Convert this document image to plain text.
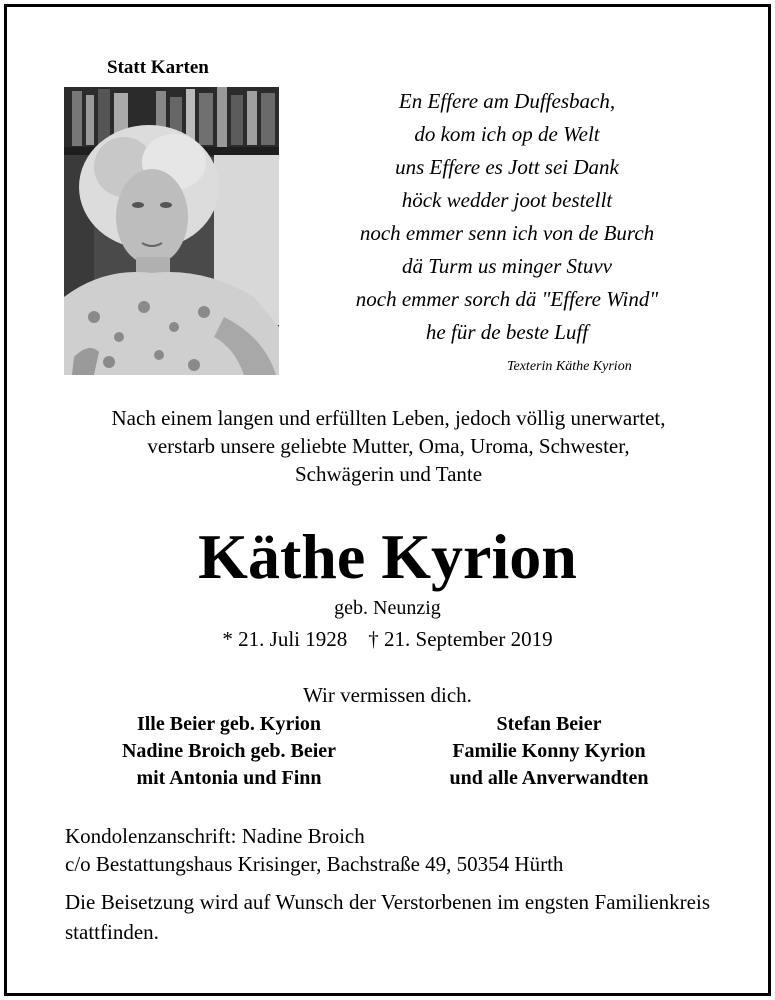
Statt Karten
En Effere am Duffesbach,
do kom ich op de Welt
uns Effere es Jott sei Dank
höck wedder joot bestellt
noch emmer senn ich von de Burch
dä Turm us minger Stuvv
noch emmer sorch dä "Effere Wind"
he für de beste Luff
Texterin Käthe Kyrion
Nach einem langen und erfüllten Leben, jedoch völlig unerwartet,
verstarb unsere geliebte Mutter, Oma, Uroma, Schwester,
Schwägerin und Tante
Käthe Kyrion
geb. Neunzig
* 21. Juli 1928 † 21. September 2019
Wir vermissen dich.
Ille Beier geb. Kyrion
Nadine Broich geb. Beier
mit Antonia und Finn
Stefan Beier
Familie Konny Kyrion
und alle Anverwandten
Kondolenzanschrift: Nadine Broich
c/o Bestattungshaus Krisinger, Bachstraße 49, 50354 Hürth
Die Beisetzung wird auf Wunsch der Verstorbenen im engsten Familienkreis stattfinden.
